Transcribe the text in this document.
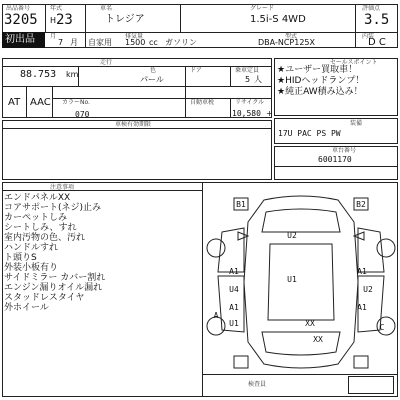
出品番号
3205
年式
H 23
車名
トレジア
グレード
1.5i-S 4WD
評価点
3.5
初出品	月
7 月 自家用
排気量
1500 cc ガソリン
型式
DBA-NCP125X
内装
D C
走行
88.753 km	色
パール
ドア	乗車定員
5 人
AT AAC カラーNo.
070
自動車税	リサイクル
10,580 +
車検有効期限
セールスポイント
★ユーザー買取車！
★HIDヘッドランプ！
★純正AW積み込み！
装備
17U PAC PS PW
車台番号
6001170
注意事項
エンドパネルXX
コアサポート(ネジ)止み
カーペットしみ
シートしみ、すれ
室内汚物の色、汚れ
ハンドルすれ
ト頭りS
外装小板有り
サイドミラー カバー割れ
エンジン漏りオイル漏れ
スタッドレスタイヤ
外ホイール
B1	B2
U2
U1
A1
U4
A1
U2
A1
U1
A1
XX
XX
A
C
検査員
